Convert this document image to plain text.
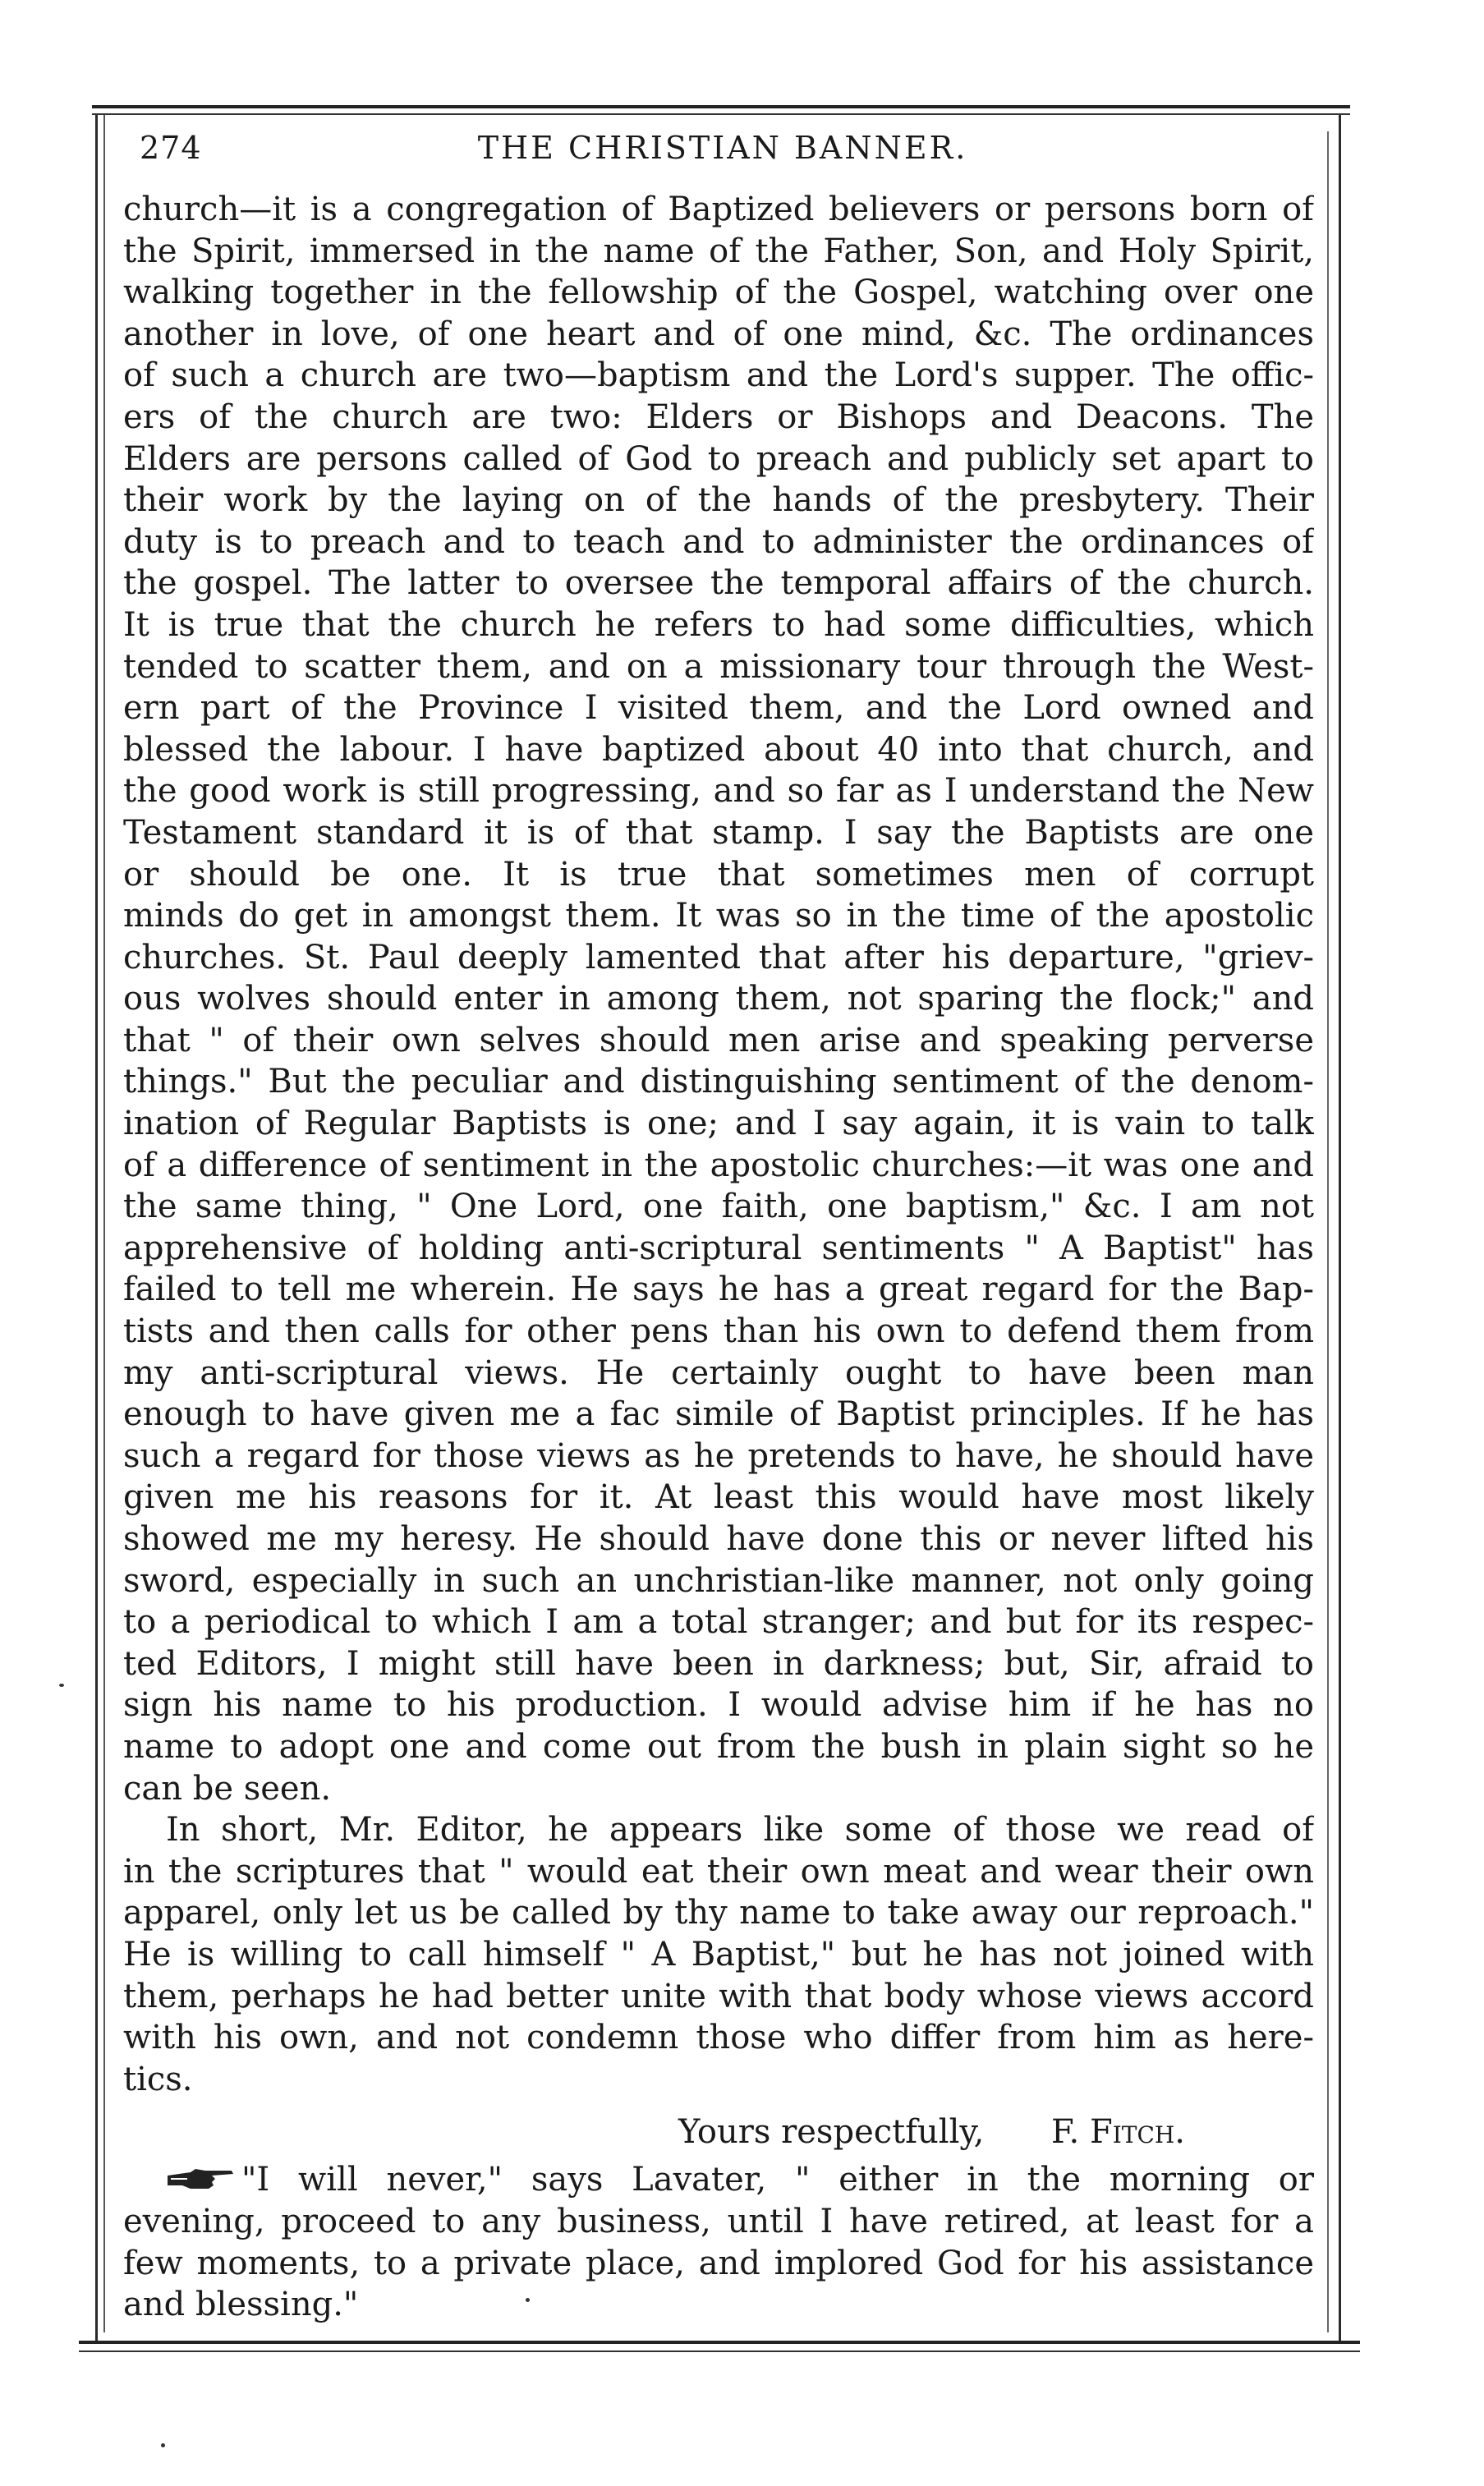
274	THE CHRISTIAN BANNER.
church—it is a congregation of Baptized believers or persons born of
the Spirit, immersed in the name of the Father, Son, and Holy Spirit,
walking together in the fellowship of the Gospel, watching over one
another in love, of one heart and of one mind, &c. The ordinances
of such a church are two—baptism and the Lord's supper. The offic-
ers of the church are two: Elders or Bishops and Deacons. The
Elders are persons called of God to preach and publicly set apart to
their work by the laying on of the hands of the presbytery. Their
duty is to preach and to teach and to administer the ordinances of
the gospel. The latter to oversee the temporal affairs of the church.
It is true that the church he refers to had some difficulties, which
tended to scatter them, and on a missionary tour through the West-
ern part of the Province I visited them, and the Lord owned and
blessed the labour. I have baptized about 40 into that church, and
the good work is still progressing, and so far as I understand the New
Testament standard it is of that stamp. I say the Baptists are one
or should be one. It is true that sometimes men of corrupt
minds do get in amongst them. It was so in the time of the apostolic
churches. St. Paul deeply lamented that after his departure, "griev-
ous wolves should enter in among them, not sparing the flock;" and
that " of their own selves should men arise and speaking perverse
things." But the peculiar and distinguishing sentiment of the denom-
ination of Regular Baptists is one; and I say again, it is vain to talk
of a difference of sentiment in the apostolic churches:—it was one and
the same thing, " One Lord, one faith, one baptism," &c. I am not
apprehensive of holding anti-scriptural sentiments " A Baptist" has
failed to tell me wherein. He says he has a great regard for the Bap-
tists and then calls for other pens than his own to defend them from
my anti-scriptural views. He certainly ought to have been man
enough to have given me a fac simile of Baptist principles. If he has
such a regard for those views as he pretends to have, he should have
given me his reasons for it. At least this would have most likely
showed me my heresy. He should have done this or never lifted his
sword, especially in such an unchristian-like manner, not only going
to a periodical to which I am a total stranger; and but for its respec-
ted Editors, I might still have been in darkness; but, Sir, afraid to
sign his name to his production. I would advise him if he has no
name to adopt one and come out from the bush in plain sight so he
can be seen.
In short, Mr. Editor, he appears like some of those we read of
in the scriptures that " would eat their own meat and wear their own
apparel, only let us be called by thy name to take away our reproach."
He is willing to call himself " A Baptist," but he has not joined with
them, perhaps he had better unite with that body whose views accord
with his own, and not condemn those who differ from him as here-
tics.
Yours respectfully, F. Fitch.
"I will never," says Lavater, " either in the morning or
evening, proceed to any business, until I have retired, at least for a
few moments, to a private place, and implored God for his assistance
and blessing."
